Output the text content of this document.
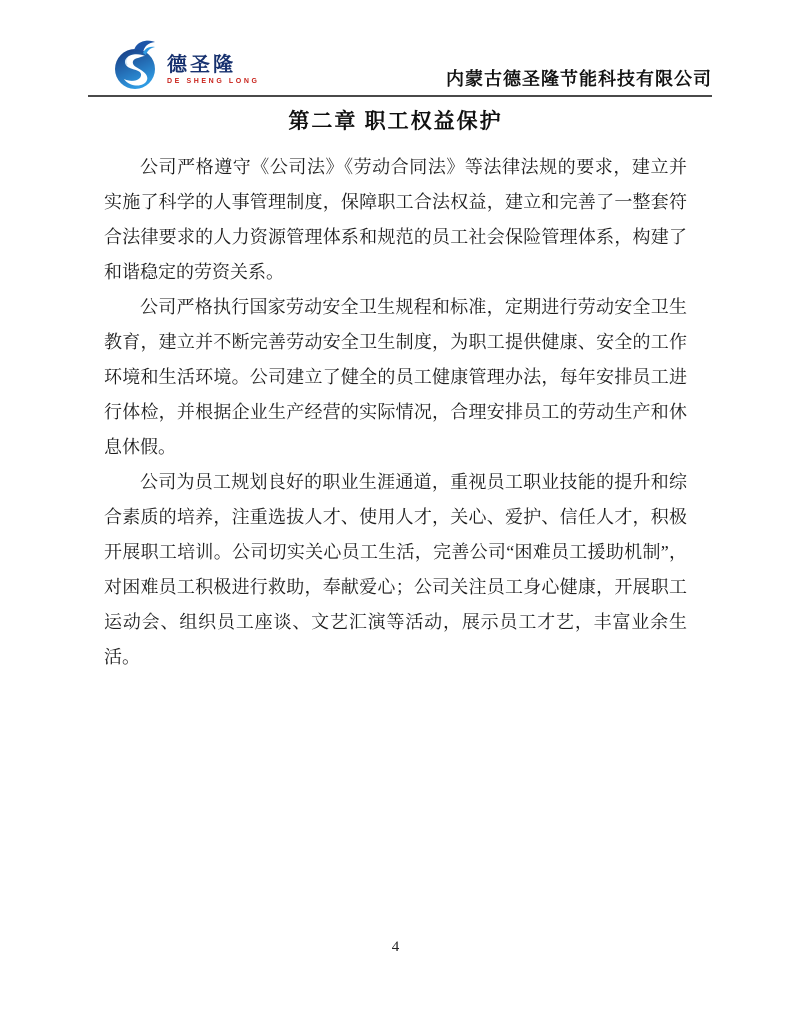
德圣隆
DE SHENG LONG	内蒙古德圣隆节能科技有限公司
第二章 职工权益保护

公司严格遵守《公司法》《劳动合同法》等法律法规的要求，建立并实施了科学的人事管理制度，保障职工合法权益，建立和完善了一整套符合法律要求的人力资源管理体系和规范的员工社会保险管理体系，构建了和谐稳定的劳资关系。

公司严格执行国家劳动安全卫生规程和标准，定期进行劳动安全卫生教育，建立并不断完善劳动安全卫生制度，为职工提供健康、安全的工作环境和生活环境。公司建立了健全的员工健康管理办法，每年安排员工进行体检，并根据企业生产经营的实际情况，合理安排员工的劳动生产和休息休假。

公司为员工规划良好的职业生涯通道，重视员工职业技能的提升和综合素质的培养，注重选拔人才、使用人才，关心、爱护、信任人才，积极开展职工培训。公司切实关心员工生活，完善公司“困难员工援助机制”，对困难员工积极进行救助，奉献爱心；公司关注员工身心健康，开展职工运动会、组织员工座谈、文艺汇演等活动，展示员工才艺，丰富业余生活。

4
